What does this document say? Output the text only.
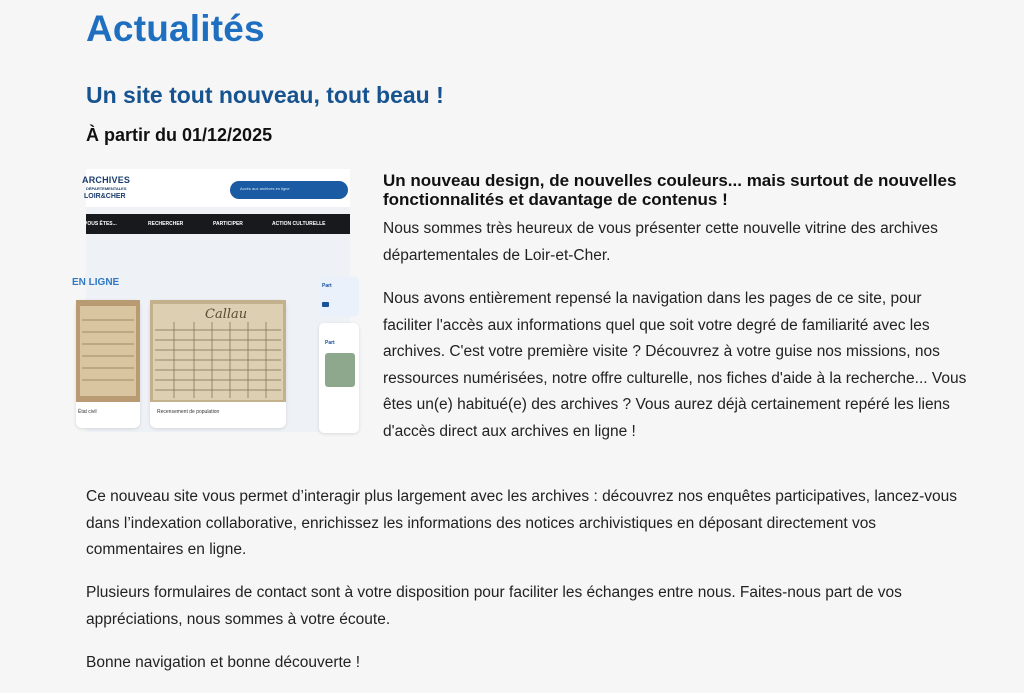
Actualités
Un site tout nouveau, tout beau !

À partir du 01/12/2025

ARCHIVES
DÉPARTEMENTALES
LOIR&CHER
Accès aux archives en ligne
VOUS ÊTES...	RECHERCHER	PARTICIPER	ACTION CULTURELLE
EN LIGNE
État civil
Callau
Recensement de population
Part
Part

Un nouveau design, de nouvelles couleurs... mais surtout de nouvelles fonctionnalités et davantage de contenus !

Nous sommes très heureux de vous présenter cette nouvelle vitrine des archives départementales de Loir-et-Cher.

Nous avons entièrement repensé la navigation dans les pages de ce site, pour faciliter l'accès aux informations quel que soit votre degré de familiarité avec les archives. C'est votre première visite ? Découvrez à votre guise nos missions, nos ressources numérisées, notre offre culturelle, nos fiches d'aide à la recherche... Vous êtes un(e) habitué(e) des archives ? Vous aurez déjà certainement repéré les liens d'accès direct aux archives en ligne !

Ce nouveau site vous permet d’interagir plus largement avec les archives : découvrez nos enquêtes participatives, lancez-vous dans l’indexation collaborative, enrichissez les informations des notices archivistiques en déposant directement vos commentaires en ligne.

Plusieurs formulaires de contact sont à votre disposition pour faciliter les échanges entre nous. Faites-nous part de vos appréciations, nous sommes à votre écoute.

Bonne navigation et bonne découverte !
